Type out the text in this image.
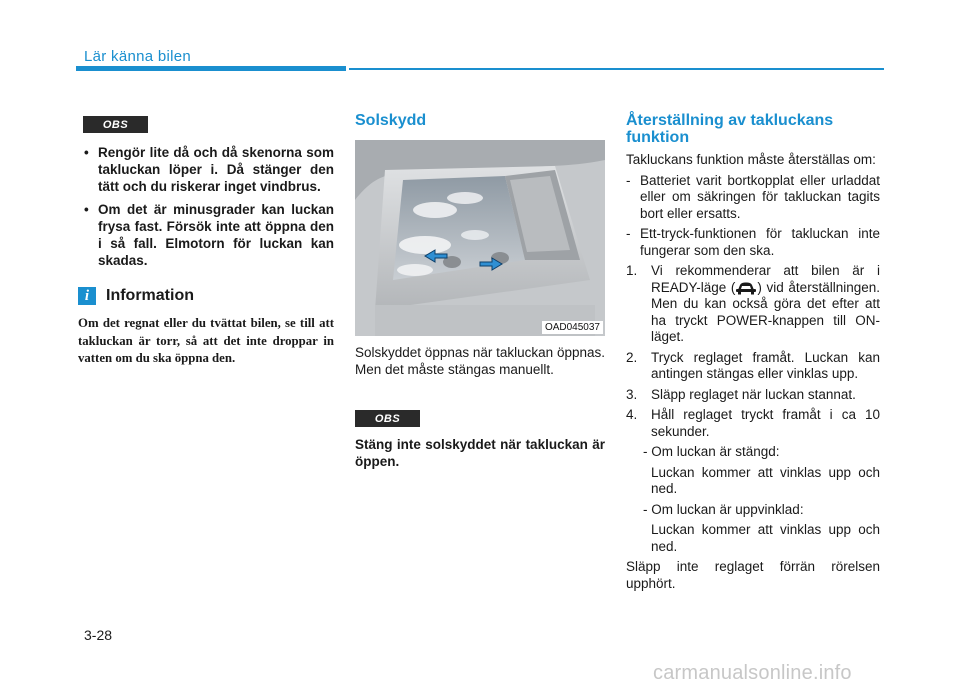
Lär känna bilen
OBS
• Rengör lite då och då skenorna som takluckan löper i. Då stänger den tätt och du riskerar inget vindbrus.
• Om det är minusgrader kan luckan frysa fast. Försök inte att öppna den i så fall. Elmotorn för luckan kan skadas.
i	Information
Om det regnat eller du tvättat bilen, se till att takluckan är torr, så att det inte droppar in vatten om du ska öppna den.
Solskydd
OAD045037
Solskyddet öppnas när takluckan öppnas. Men det måste stängas manuellt.
OBS
Stäng inte solskyddet när takluckan är öppen.
Återställning av takluckans funktion
Takluckans funktion måste återställas om:
- Batteriet varit bortkopplat eller urladdat eller om säkringen för takluckan tagits bort eller ersatts.
- Ett-tryck-funktionen för takluckan inte fungerar som den ska.
1.	Vi rekommenderar att bilen är i READY-läge ( ) vid återställningen. Men du kan också göra det efter att ha tryckt POWER-knappen till ON-läget.
2.	Tryck reglaget framåt. Luckan kan antingen stängas eller vinklas upp.
3.	Släpp reglaget när luckan stannat.
4.	Håll reglaget tryckt framåt i ca 10 sekunder.
- Om luckan är stängd:
Luckan kommer att vinklas upp och ned.
- Om luckan är uppvinklad:
Luckan kommer att vinklas upp och ned.
Släpp inte reglaget förrän rörelsen upphört.
3-28
carmanualsonline.info
